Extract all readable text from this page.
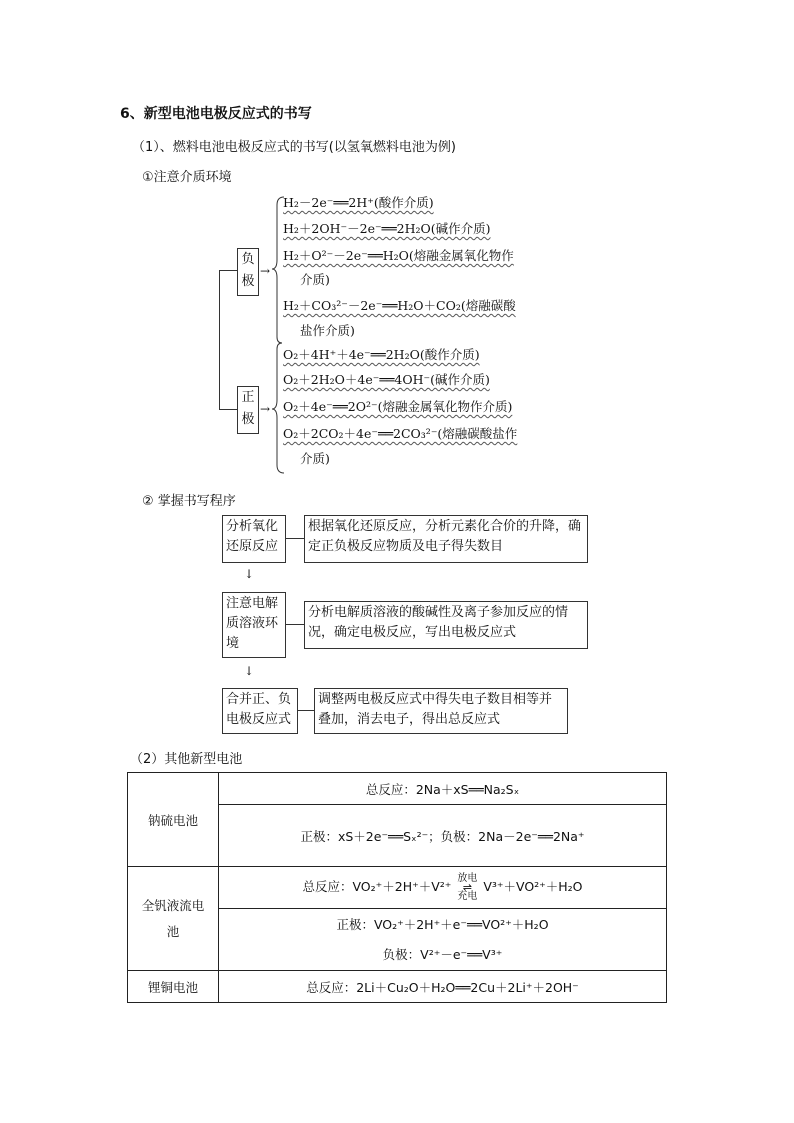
6、新型电池电极反应式的书写
（1）、燃料电池电极反应式的书写(以氢氧燃料电池为例)
①注意介质环境
负极
正极
→
→
H₂－2e⁻══2H⁺(酸作介质)
H₂＋2OH⁻－2e⁻══2H₂O(碱作介质)
H₂＋O²⁻－2e⁻══H₂O(熔融金属氧化物作
介质)
H₂＋CO₃²⁻－2e⁻══H₂O＋CO₂(熔融碳酸
盐作介质)
O₂＋4H⁺＋4e⁻══2H₂O(酸作介质)
O₂＋2H₂O＋4e⁻══4OH⁻(碱作介质)
O₂＋4e⁻══2O²⁻(熔融金属氧化物作介质)
O₂＋2CO₂＋4e⁻══2CO₃²⁻(熔融碳酸盐作
介质)
② 掌握书写程序
分析氧化还原反应
根据氧化还原反应，分析元素化合价的升降，确定正负极反应物质及电子得失数目
↓
注意电解质溶液环境
分析电解质溶液的酸碱性及离子参加反应的情况，确定电极反应，写出电极反应式
↓
合并正、负电极反应式
调整两电极反应式中得失电子数目相等并叠加，消去电子，得出总反应式
（2）其他新型电池
钠硫电池	总反应：2Na＋xS══Na₂Sₓ
	正极：xS＋2e⁻══Sₓ²⁻；负极：2Na－2e⁻══2Na⁺
全钒液流电池	总反应：VO₂⁺＋2H⁺＋V²⁺
放电
⇌
充电
V³⁺＋VO²⁺＋H₂O

	正极：VO₂⁺＋2H⁺＋e⁻══VO²⁺＋H₂O
负极：V²⁺－e⁻══V³⁺

锂铜电池	总反应：2Li＋Cu₂O＋H₂O══2Cu＋2Li⁺＋2OH⁻
